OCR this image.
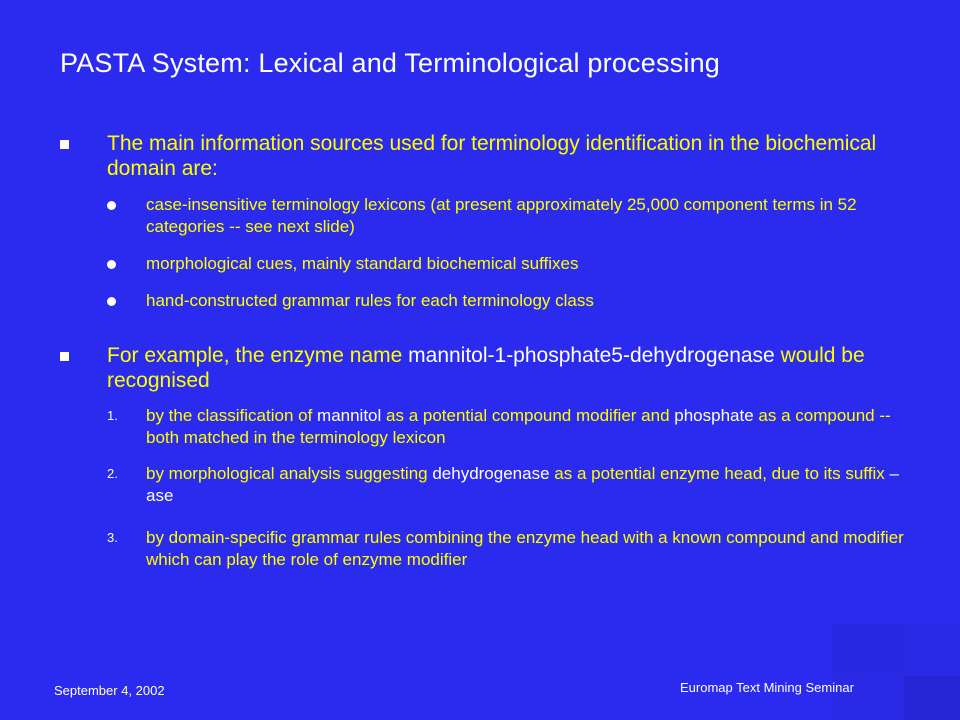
PASTA System: Lexical and Terminological processing
The main information sources used for terminology identification in the biochemical domain are:
case-insensitive terminology lexicons (at present approximately 25,000 component terms in 52 categories -- see next slide)
morphological cues, mainly standard biochemical suffixes
hand-constructed grammar rules for each terminology class
For example, the enzyme name mannitol-1-phosphate5-dehydrogenase would be recognised
1. by the classification of mannitol as a potential compound modifier and phosphate as a compound -- both matched in the terminology lexicon
2. by morphological analysis suggesting dehydrogenase as a potential enzyme head, due to its suffix –ase
3. by domain-specific grammar rules combining the enzyme head with a known compound and modifier which can play the role of enzyme modifier
September 4, 2002	Euromap Text Mining Seminar
